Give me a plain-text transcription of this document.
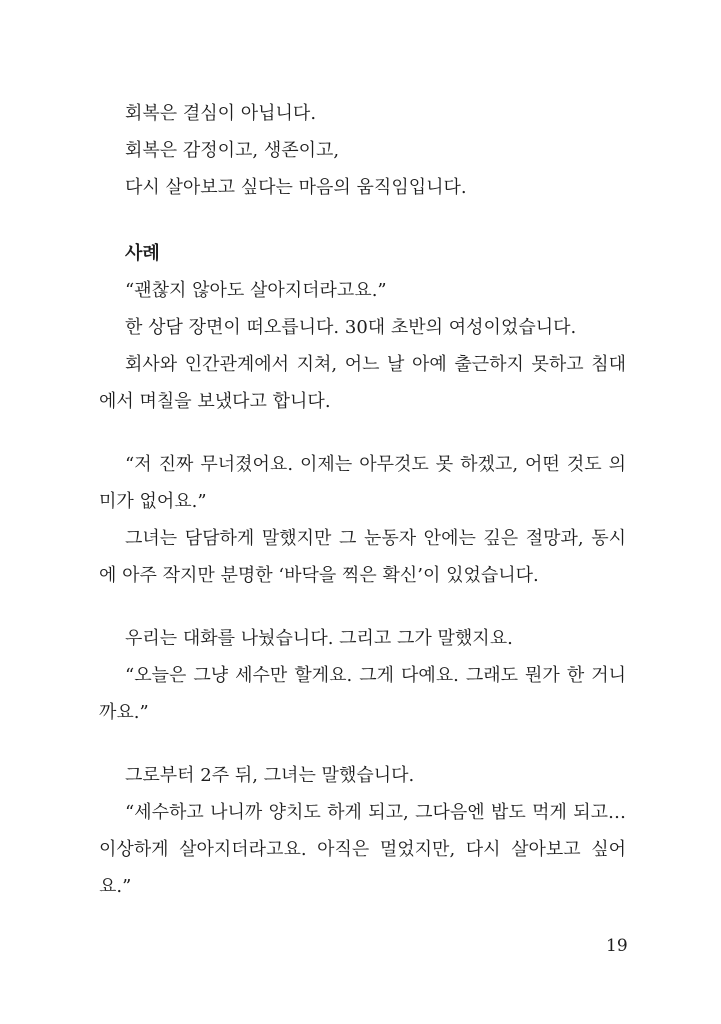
회복은 결심이 아닙니다.

회복은 감정이고, 생존이고,

다시 살아보고 싶다는 마음의 움직임입니다.

사례

“괜찮지 않아도 살아지더라고요.”

한 상담 장면이 떠오릅니다. 30대 초반의 여성이었습니다.

회사와 인간관계에서 지쳐, 어느 날 아예 출근하지 못하고 침대에서 며칠을 보냈다고 합니다.

“저 진짜 무너졌어요. 이제는 아무것도 못 하겠고, 어떤 것도 의미가 없어요.”

그녀는 담담하게 말했지만 그 눈동자 안에는 깊은 절망과, 동시에 아주 작지만 분명한 ‘바닥을 찍은 확신’이 있었습니다.

우리는 대화를 나눴습니다. 그리고 그가 말했지요.

“오늘은 그냥 세수만 할게요. 그게 다예요. 그래도 뭔가 한 거니까요.”

그로부터 2주 뒤, 그녀는 말했습니다.

“세수하고 나니까 양치도 하게 되고, 그다음엔 밥도 먹게 되고… 이상하게 살아지더라고요. 아직은 멀었지만, 다시 살아보고 싶어요.”

19
